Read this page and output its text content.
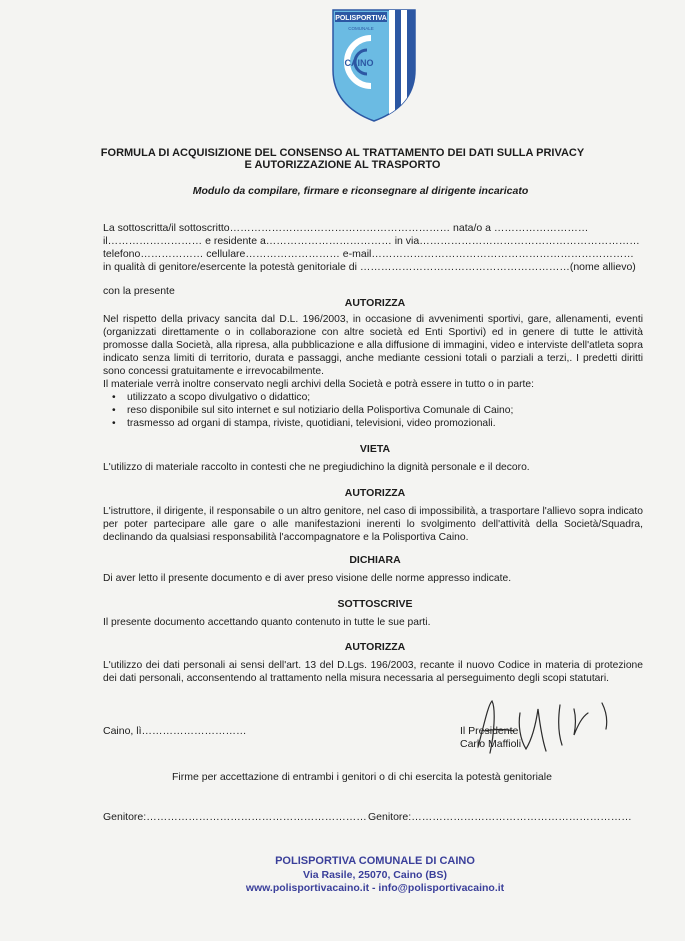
POLISPORTIVA
COMUNALE
CAINO
FORMULA DI ACQUISIZIONE DEL CONSENSO AL TRATTAMENTO DEI DATI SULLA PRIVACY
E AUTORIZZAZIONE AL TRASPORTO
Modulo da compilare, firmare e riconsegnare al dirigente incaricato
La sottoscritta/il sottoscritto……………………………………………………… nata/o a ………………………
il……………………… e residente a……………………………… in via………………………………………………………
telefono……………… cellulare……………………… e-mail…………………………………………………………………
in qualità di genitore/esercente la potestà genitoriale di ……………………………………………………(nome allievo)
con la presente
AUTORIZZA
Nel rispetto della privacy sancita dal D.L. 196/2003, in occasione di avvenimenti sportivi, gare, allenamenti, eventi (organizzati direttamente o in collaborazione con altre società ed Enti Sportivi) ed in genere di tutte le attività promosse dalla Società, alla ripresa, alla pubblicazione e alla diffusione di immagini, video e interviste dell'atleta sopra indicato senza limiti di territorio, durata e passaggi, anche mediante cessioni totali o parziali a terzi,. I predetti diritti sono concessi gratuitamente e irrevocabilmente.
Il materiale verrà inoltre conservato negli archivi della Società e potrà essere in tutto o in parte:
• utilizzato a scopo divulgativo o didattico;
• reso disponibile sul sito internet e sul notiziario della Polisportiva Comunale di Caino;
• trasmesso ad organi di stampa, riviste, quotidiani, televisioni, video promozionali.
VIETA
L'utilizzo di materiale raccolto in contesti che ne pregiudichino la dignità personale e il decoro.
AUTORIZZA
L'istruttore, il dirigente, il responsabile o un altro genitore, nel caso di impossibilità, a trasportare l'allievo sopra indicato per poter partecipare alle gare o alle manifestazioni inerenti lo svolgimento dell'attività della Società/Squadra, declinando da qualsiasi responsabilità l'accompagnatore e la Polisportiva Caino.
DICHIARA
Di aver letto il presente documento e di aver preso visione delle norme appresso indicate.
SOTTOSCRIVE
Il presente documento accettando quanto contenuto in tutte le sue parti.
AUTORIZZA
L'utilizzo dei dati personali ai sensi dell'art. 13 del D.Lgs. 196/2003, recante il nuovo Codice in materia di protezione dei dati personali, acconsentendo al trattamento nella misura necessaria al perseguimento degli scopi statutari.
Caino, lì…………………………	Il Presidente
Carlo Maffioli
Firme per accettazione di entrambi i genitori o di chi esercita la potestà genitoriale
Genitore:……………………………………………………… Genitore:………………………………………………………
POLISPORTIVA COMUNALE DI CAINO
Via Rasile, 25070, Caino (BS)
www.polisportivacaino.it - info@polisportivacaino.it
